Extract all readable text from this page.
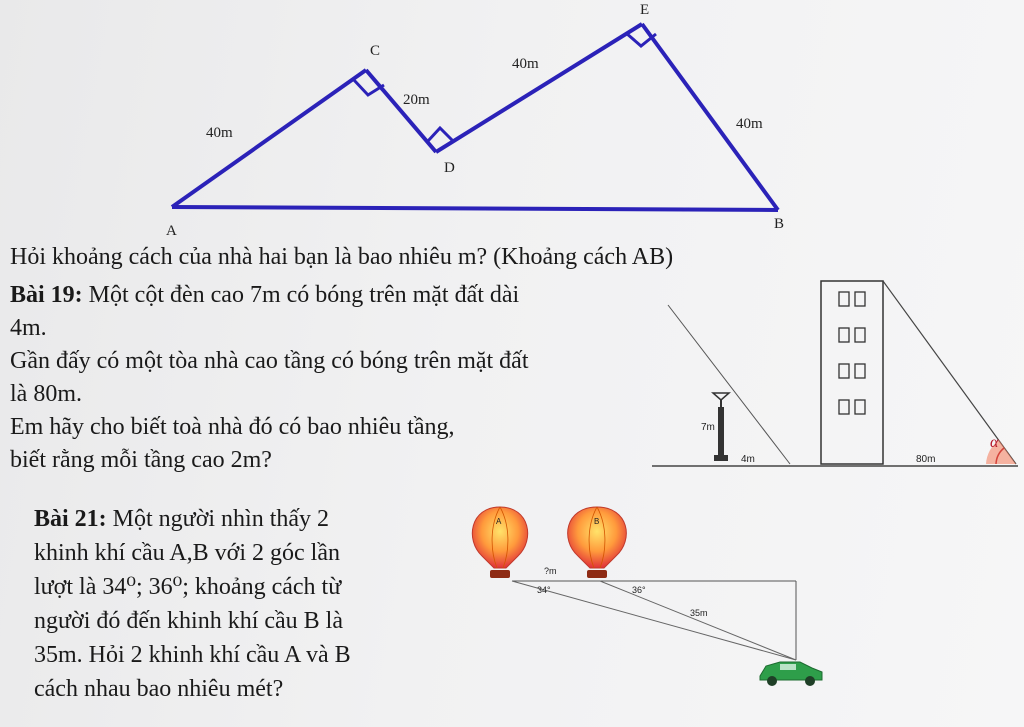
A	B
C
D
E
40m
20m
40m
40m
Hỏi khoảng cách của nhà hai bạn là bao nhiêu m? (Khoảng cách AB)
Bài 19: Một cột đèn cao 7m có bóng trên mặt đất dài
4m.
Gần đấy có một tòa nhà cao tầng có bóng trên mặt đất
là 80m.
Em hãy cho biết toà nhà đó có bao nhiêu tầng,
biết rằng mỗi tầng cao 2m?
7m
4m	80m
α
Bài 21: Một người nhìn thấy 2
khinh khí cầu A,B với 2 góc lần
lượt là 34⁰; 36⁰; khoảng cách từ
người đó đến khinh khí cầu B là
35m. Hỏi 2 khinh khí cầu A và B
cách nhau bao nhiêu mét?
A	B
?m
34°	36°
35m
